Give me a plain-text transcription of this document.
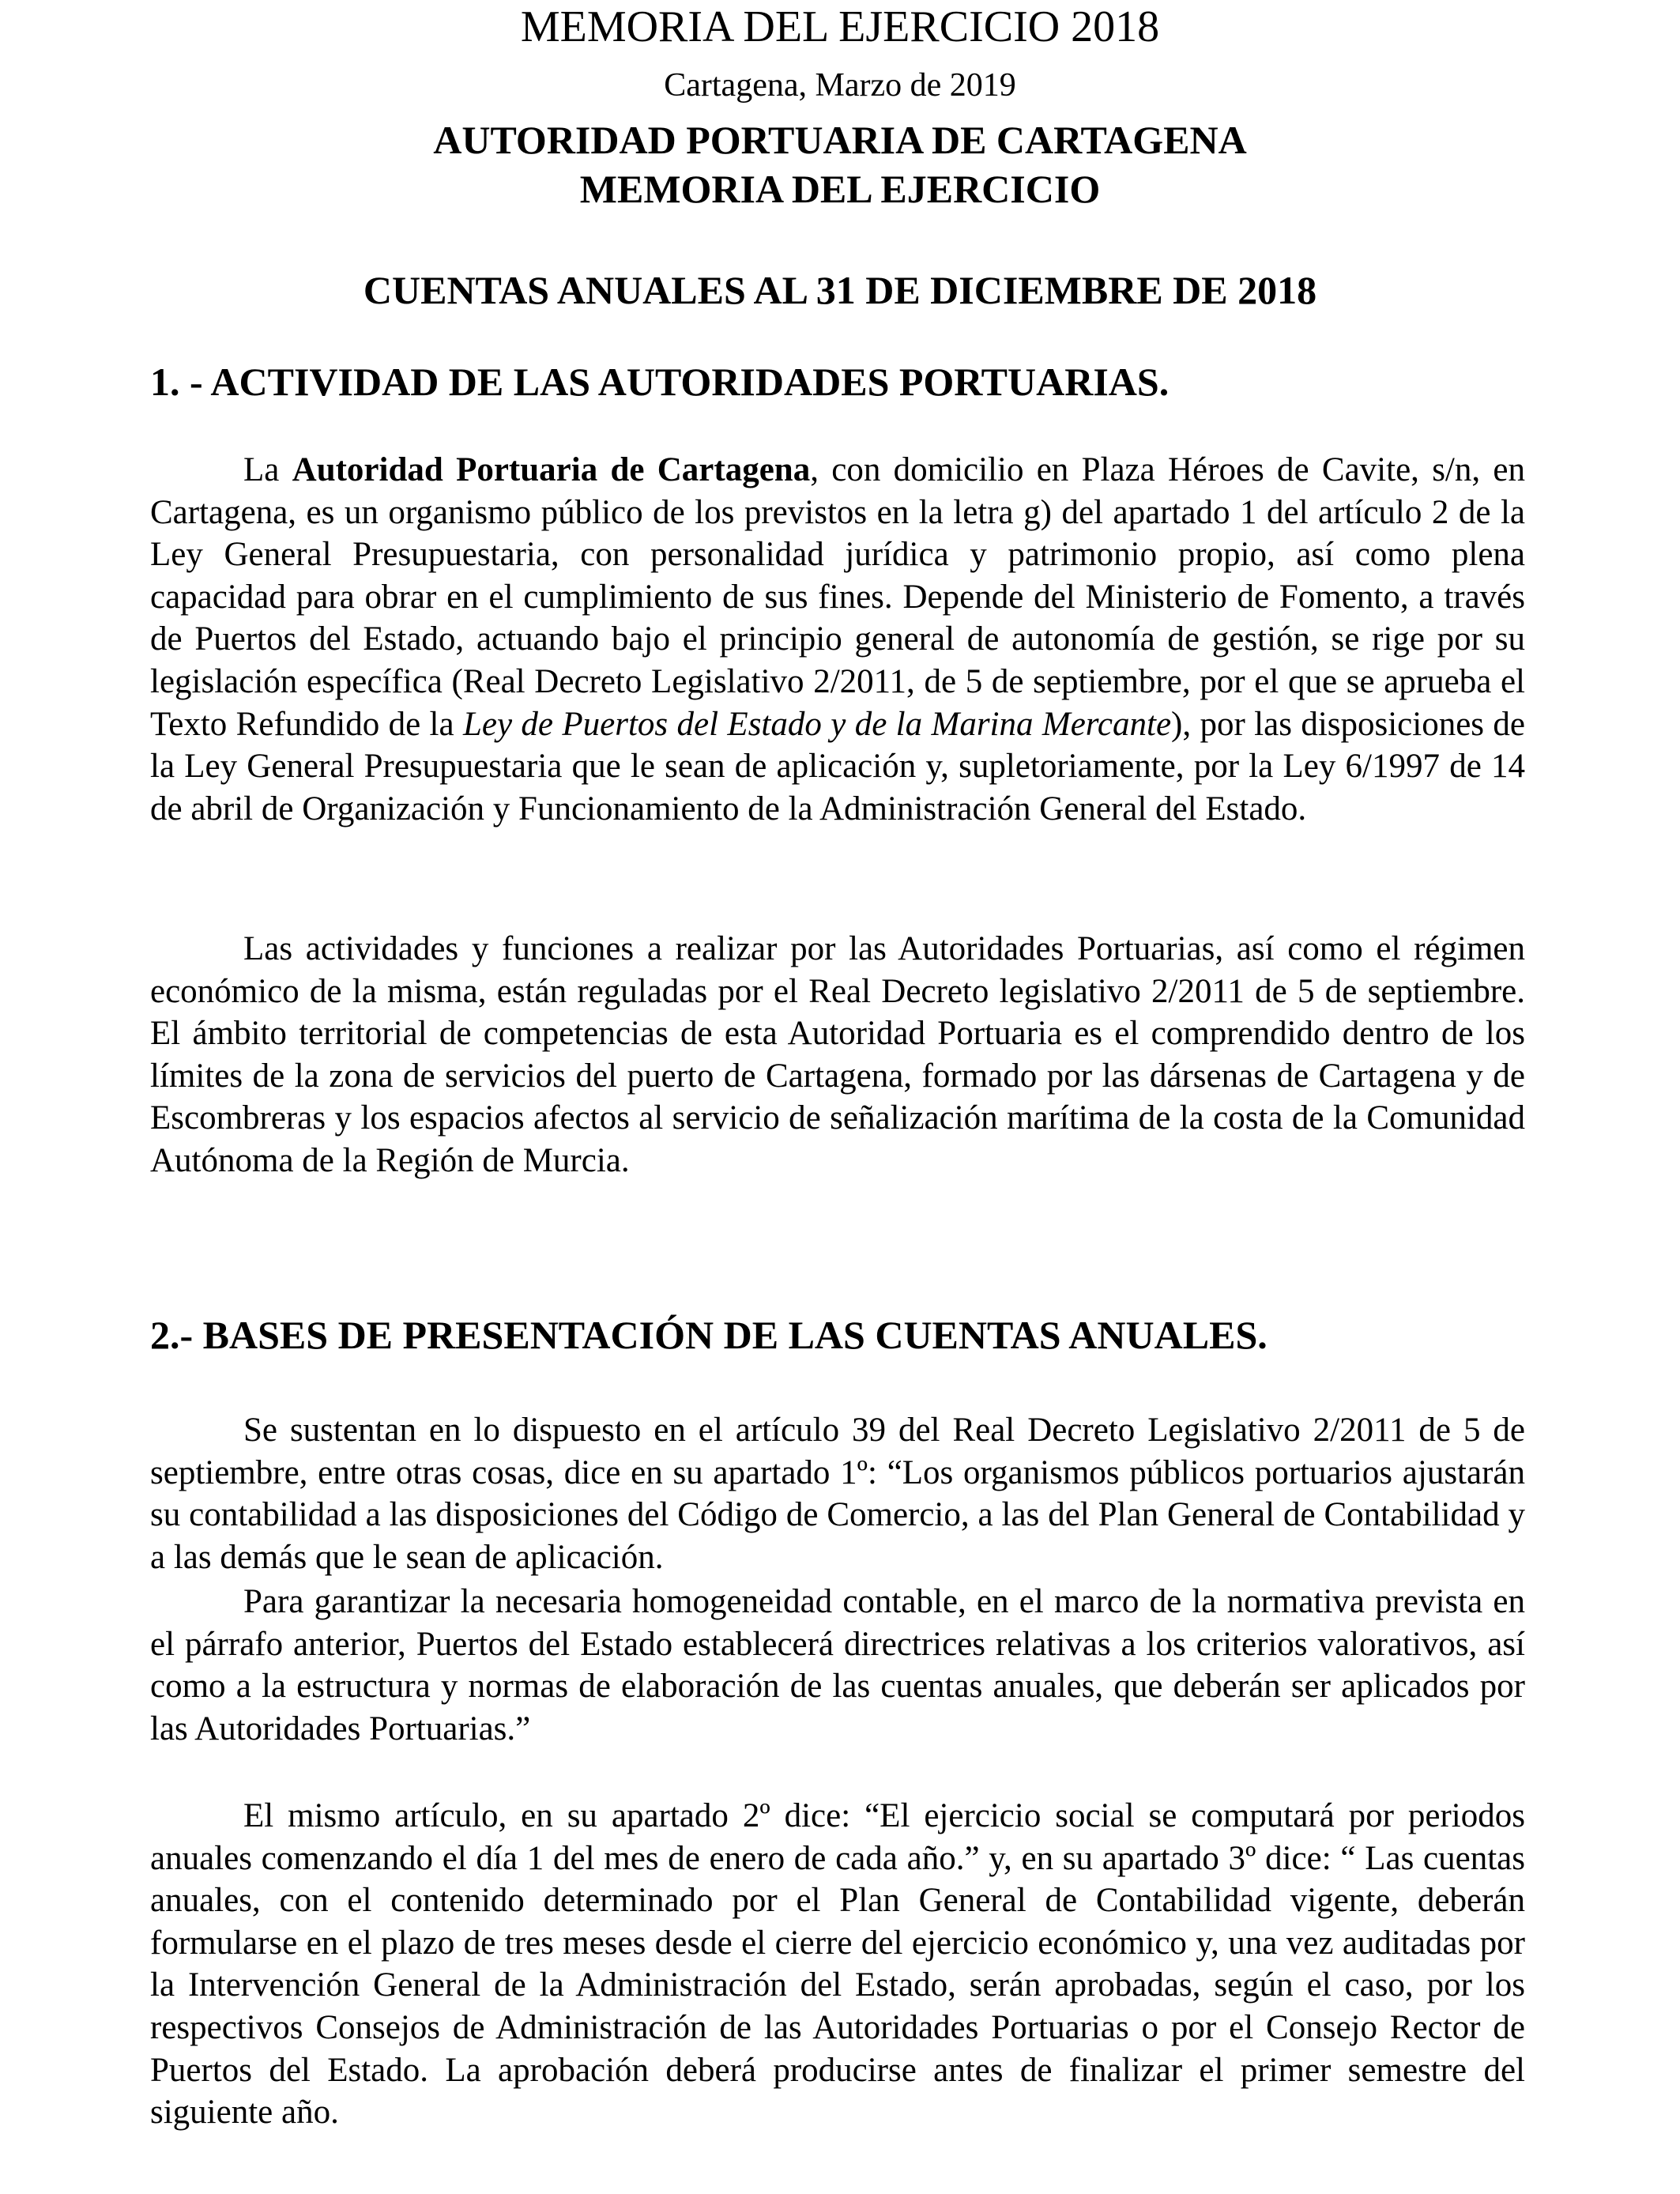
MEMORIA DEL EJERCICIO 2018
Cartagena, Marzo de 2019
AUTORIDAD PORTUARIA DE CARTAGENA
MEMORIA DEL EJERCICIO
CUENTAS ANUALES AL 31 DE DICIEMBRE DE 2018
1. - ACTIVIDAD DE LAS AUTORIDADES PORTUARIAS.

La Autoridad Portuaria de Cartagena, con domicilio en Plaza Héroes de Cavite, s/n, en Cartagena, es un organismo público de los previstos en la letra g) del apartado 1 del artículo 2 de la Ley General Presupuestaria, con personalidad jurídica y patrimonio propio, así como plena capacidad para obrar en el cumplimiento de sus fines. Depende del Ministerio de Fomento, a través de Puertos del Estado, actuando bajo el principio general de autonomía de gestión, se rige por su legislación específica (Real Decreto Legislativo 2/2011, de 5 de septiembre, por el que se aprueba el Texto Refundido de la Ley de Puertos del Estado y de la Marina Mercante), por las disposiciones de la Ley General Presupuestaria que le sean de aplicación y, supletoriamente, por la Ley 6/1997 de 14 de abril de Organización y Funcionamiento de la Administración General del Estado.

Las actividades y funciones a realizar por las Autoridades Portuarias, así como el régimen económico de la misma, están reguladas por el Real Decreto legislativo 2/2011 de 5 de septiembre. El ámbito territorial de competencias de esta Autoridad Portuaria es el comprendido dentro de los límites de la zona de servicios del puerto de Cartagena, formado por las dársenas de Cartagena y de Escombreras y los espacios afectos al servicio de señalización marítima de la costa de la Comunidad Autónoma de la Región de Murcia.

2.- BASES DE PRESENTACIÓN DE LAS CUENTAS ANUALES.

Se sustentan en lo dispuesto en el artículo 39 del Real Decreto Legislativo 2/2011 de 5 de septiembre, entre otras cosas, dice en su apartado 1º: “Los organismos públicos portuarios ajustarán su contabilidad a las disposiciones del Código de Comercio, a las del Plan General de Contabilidad y a las demás que le sean de aplicación.

Para garantizar la necesaria homogeneidad contable, en el marco de la normativa prevista en el párrafo anterior, Puertos del Estado establecerá directrices relativas a los criterios valorativos, así como a la estructura y normas de elaboración de las cuentas anuales, que deberán ser aplicados por las Autoridades Portuarias.”

El mismo artículo, en su apartado 2º dice: “El ejercicio social se computará por periodos anuales comenzando el día 1 del mes de enero de cada año.” y, en su apartado 3º dice: “ Las cuentas anuales, con el contenido determinado por el Plan General de Contabilidad vigente, deberán formularse en el plazo de tres meses desde el cierre del ejercicio económico y, una vez auditadas por la Intervención General de la Administración del Estado, serán aprobadas, según el caso, por los respectivos Consejos de Administración de las Autoridades Portuarias o por el Consejo Rector de Puertos del Estado. La aprobación deberá producirse antes de finalizar el primer semestre del siguiente año.
